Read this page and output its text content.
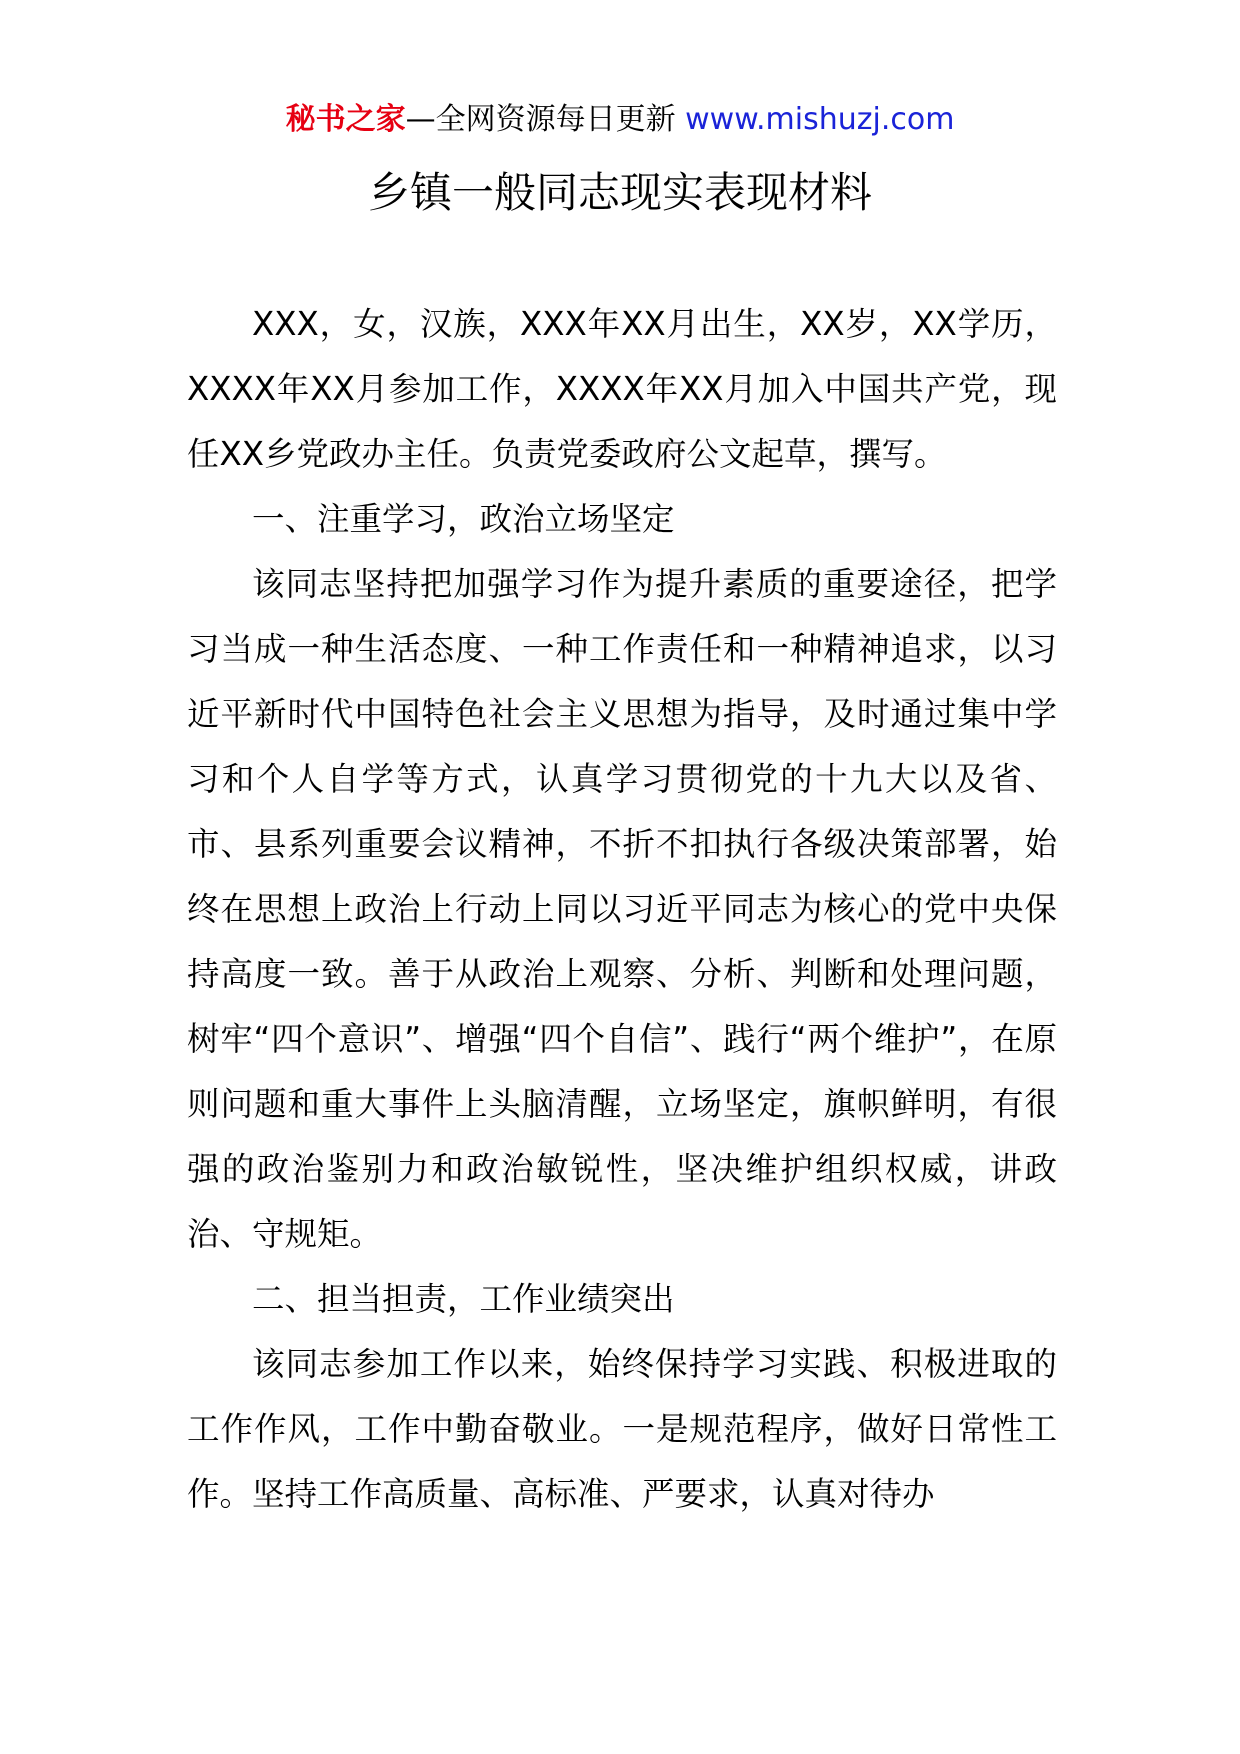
秘书之家—全网资源每日更新 www.mishuzj.com
乡镇一般同志现实表现材料

XXX，女，汉族，XXX年XX月出生，XX岁，XX学历，XXXX年XX月参加工作，XXXX年XX月加入中国共产党，现任XX乡党政办主任。负责党委政府公文起草，撰写。

一、注重学习，政治立场坚定

该同志坚持把加强学习作为提升素质的重要途径，把学习当成一种生活态度、一种工作责任和一种精神追求，以习近平新时代中国特色社会主义思想为指导，及时通过集中学习和个人自学等方式，认真学习贯彻党的十九大以及省、市、县系列重要会议精神，不折不扣执行各级决策部署，始终在思想上政治上行动上同以习近平同志为核心的党中央保持高度一致。善于从政治上观察、分析、判断和处理问题，树牢“四个意识”、增强“四个自信”、践行“两个维护”，在原则问题和重大事件上头脑清醒，立场坚定，旗帜鲜明，有很强的政治鉴别力和政治敏锐性，坚决维护组织权威，讲政治、守规矩。

二、担当担责，工作业绩突出

该同志参加工作以来，始终保持学习实践、积极进取的工作作风，工作中勤奋敬业。一是规范程序，做好日常性工作。坚持工作高质量、高标准、严要求，认真对待办
